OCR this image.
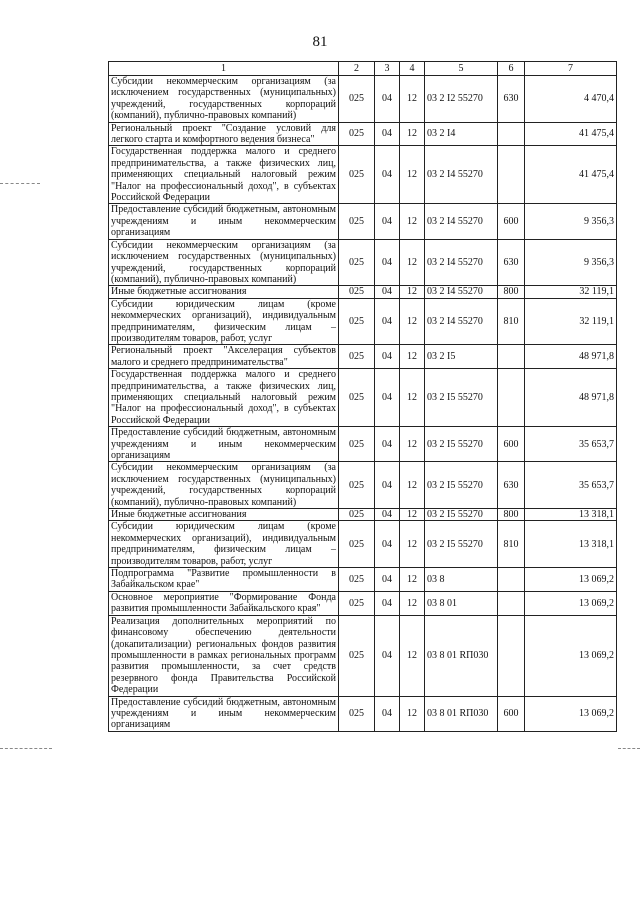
81
1	2	3	4	5	6	7
Субсидии некоммерческим организациям (за исключением государственных (муниципальных) учреждений, государственных корпораций (компаний), публично-правовых компаний)	025	04	12	03 2 I2 55270	630	4 470,4
Региональный проект "Создание условий для легкого старта и комфортного ведения бизнеса"	025	04	12	03 2 I4		41 475,4
Государственная поддержка малого и среднего предпринимательства, а также физических лиц, применяющих специальный налоговый режим "Налог на профессиональный доход", в субъектах Российской Федерации	025	04	12	03 2 I4 55270		41 475,4
Предоставление субсидий бюджетным, автономным учреждениям и иным некоммерческим организациям	025	04	12	03 2 I4 55270	600	9 356,3
Субсидии некоммерческим организациям (за исключением государственных (муниципальных) учреждений, государственных корпораций (компаний), публично-правовых компаний)	025	04	12	03 2 I4 55270	630	9 356,3
Иные бюджетные ассигнования	025	04	12	03 2 I4 55270	800	32 119,1
Субсидии юридическим лицам (кроме некоммерческих организаций), индивидуальным предпринимателям, физическим лицам – производителям товаров, работ, услуг	025	04	12	03 2 I4 55270	810	32 119,1
Региональный проект "Акселерация субъектов малого и среднего предпринимательства"	025	04	12	03 2 I5		48 971,8
Государственная поддержка малого и среднего предпринимательства, а также физических лиц, применяющих специальный налоговый режим "Налог на профессиональный доход", в субъектах Российской Федерации	025	04	12	03 2 I5 55270		48 971,8
Предоставление субсидий бюджетным, автономным учреждениям и иным некоммерческим организациям	025	04	12	03 2 I5 55270	600	35 653,7
Субсидии некоммерческим организациям (за исключением государственных (муниципальных) учреждений, государственных корпораций (компаний), публично-правовых компаний)	025	04	12	03 2 I5 55270	630	35 653,7
Иные бюджетные ассигнования	025	04	12	03 2 I5 55270	800	13 318,1
Субсидии юридическим лицам (кроме некоммерческих организаций), индивидуальным предпринимателям, физическим лицам – производителям товаров, работ, услуг	025	04	12	03 2 I5 55270	810	13 318,1
Подпрограмма "Развитие промышленности в Забайкальском крае"	025	04	12	03 8		13 069,2
Основное мероприятие "Формирование Фонда развития промышленности Забайкальского края"	025	04	12	03 8 01		13 069,2
Реализация дополнительных мероприятий по финансовому обеспечению деятельности (докапитализации) региональных фондов развития промышленности в рамках региональных программ развития промышленности, за счет средств резервного фонда Правительства Российской Федерации	025	04	12	03 8 01 RП030		13 069,2
Предоставление субсидий бюджетным, автономным учреждениям и иным некоммерческим организациям	025	04	12	03 8 01 RП030	600	13 069,2
